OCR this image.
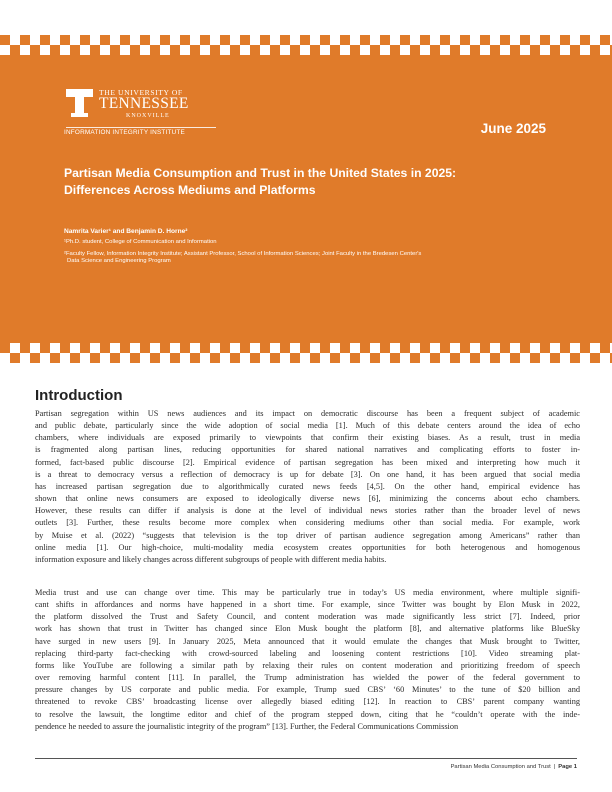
THE UNIVERSITY OF
TENNESSEE
KNOXVILLE
INFORMATION INTEGRITY INSTITUTE	June 2025
Partisan Media Consumption and Trust in the United States in 2025:
Differences Across Mediums and Platforms
Namrita Varier¹ and Benjamin D. Horne²
¹Ph.D. student, College of Communication and Information
²Faculty Fellow, Information Integrity Institute; Assistant Professor, School of Information Sciences; Joint Faculty in the Bredesen Center's
Data Science and Engineering Program
Introduction
Partisan segregation within US news audiences and its impact on democratic discourse has been a frequent subject of academic
and public debate, particularly since the wide adoption of social media [1]. Much of this debate centers around the idea of echo
chambers, where individuals are exposed primarily to viewpoints that confirm their existing biases. As a result, trust in media
is fragmented along partisan lines, reducing opportunities for shared national narratives and complicating efforts to foster in-
formed, fact-based public discourse [2]. Empirical evidence of partisan segregation has been mixed and interpreting how much it
is a threat to democracy versus a reflection of democracy is up for debate [3]. On one hand, it has been argued that social media
has increased partisan segregation due to algorithmically curated news feeds [4,5]. On the other hand, empirical evidence has
shown that online news consumers are exposed to ideologically diverse news [6], minimizing the concerns about echo chambers.
However, these results can differ if analysis is done at the level of individual news stories rather than the broader level of news
outlets [3]. Further, these results become more complex when considering mediums other than social media. For example, work
by Muise et al. (2022) “suggests that television is the top driver of partisan audience segregation among Americans” rather than
online media [1]. Our high-choice, multi-modality media ecosystem creates opportunities for both heterogenous and homogenous
information exposure and likely changes across different subgroups of people with different media habits.
Media trust and use can change over time. This may be particularly true in today’s US media environment, where multiple signifi-
cant shifts in affordances and norms have happened in a short time. For example, since Twitter was bought by Elon Musk in 2022,
the platform dissolved the Trust and Safety Council, and content moderation was made significantly less strict [7]. Indeed, prior
work has shown that trust in Twitter has changed since Elon Musk bought the platform [8], and alternative platforms like BlueSky
have surged in new users [9]. In January 2025, Meta announced that it would emulate the changes that Musk brought to Twitter,
replacing third-party fact-checking with crowd-sourced labeling and loosening content restrictions [10]. Video streaming plat-
forms like YouTube are following a similar path by relaxing their rules on content moderation and prioritizing freedom of speech
over removing harmful content [11]. In parallel, the Trump administration has wielded the power of the federal government to
pressure changes by US corporate and public media. For example, Trump sued CBS’ ‘60 Minutes’ to the tune of $20 billion and
threatened to revoke CBS’ broadcasting license over allegedly biased editing [12]. In reaction to CBS’ parent company wanting
to resolve the lawsuit, the longtime editor and chief of the program stepped down, citing that he “couldn’t operate with the inde-
pendence he needed to assure the journalistic integrity of the program” [13]. Further, the Federal Communications Commission
Partisan Media Consumption and Trust | Page 1
